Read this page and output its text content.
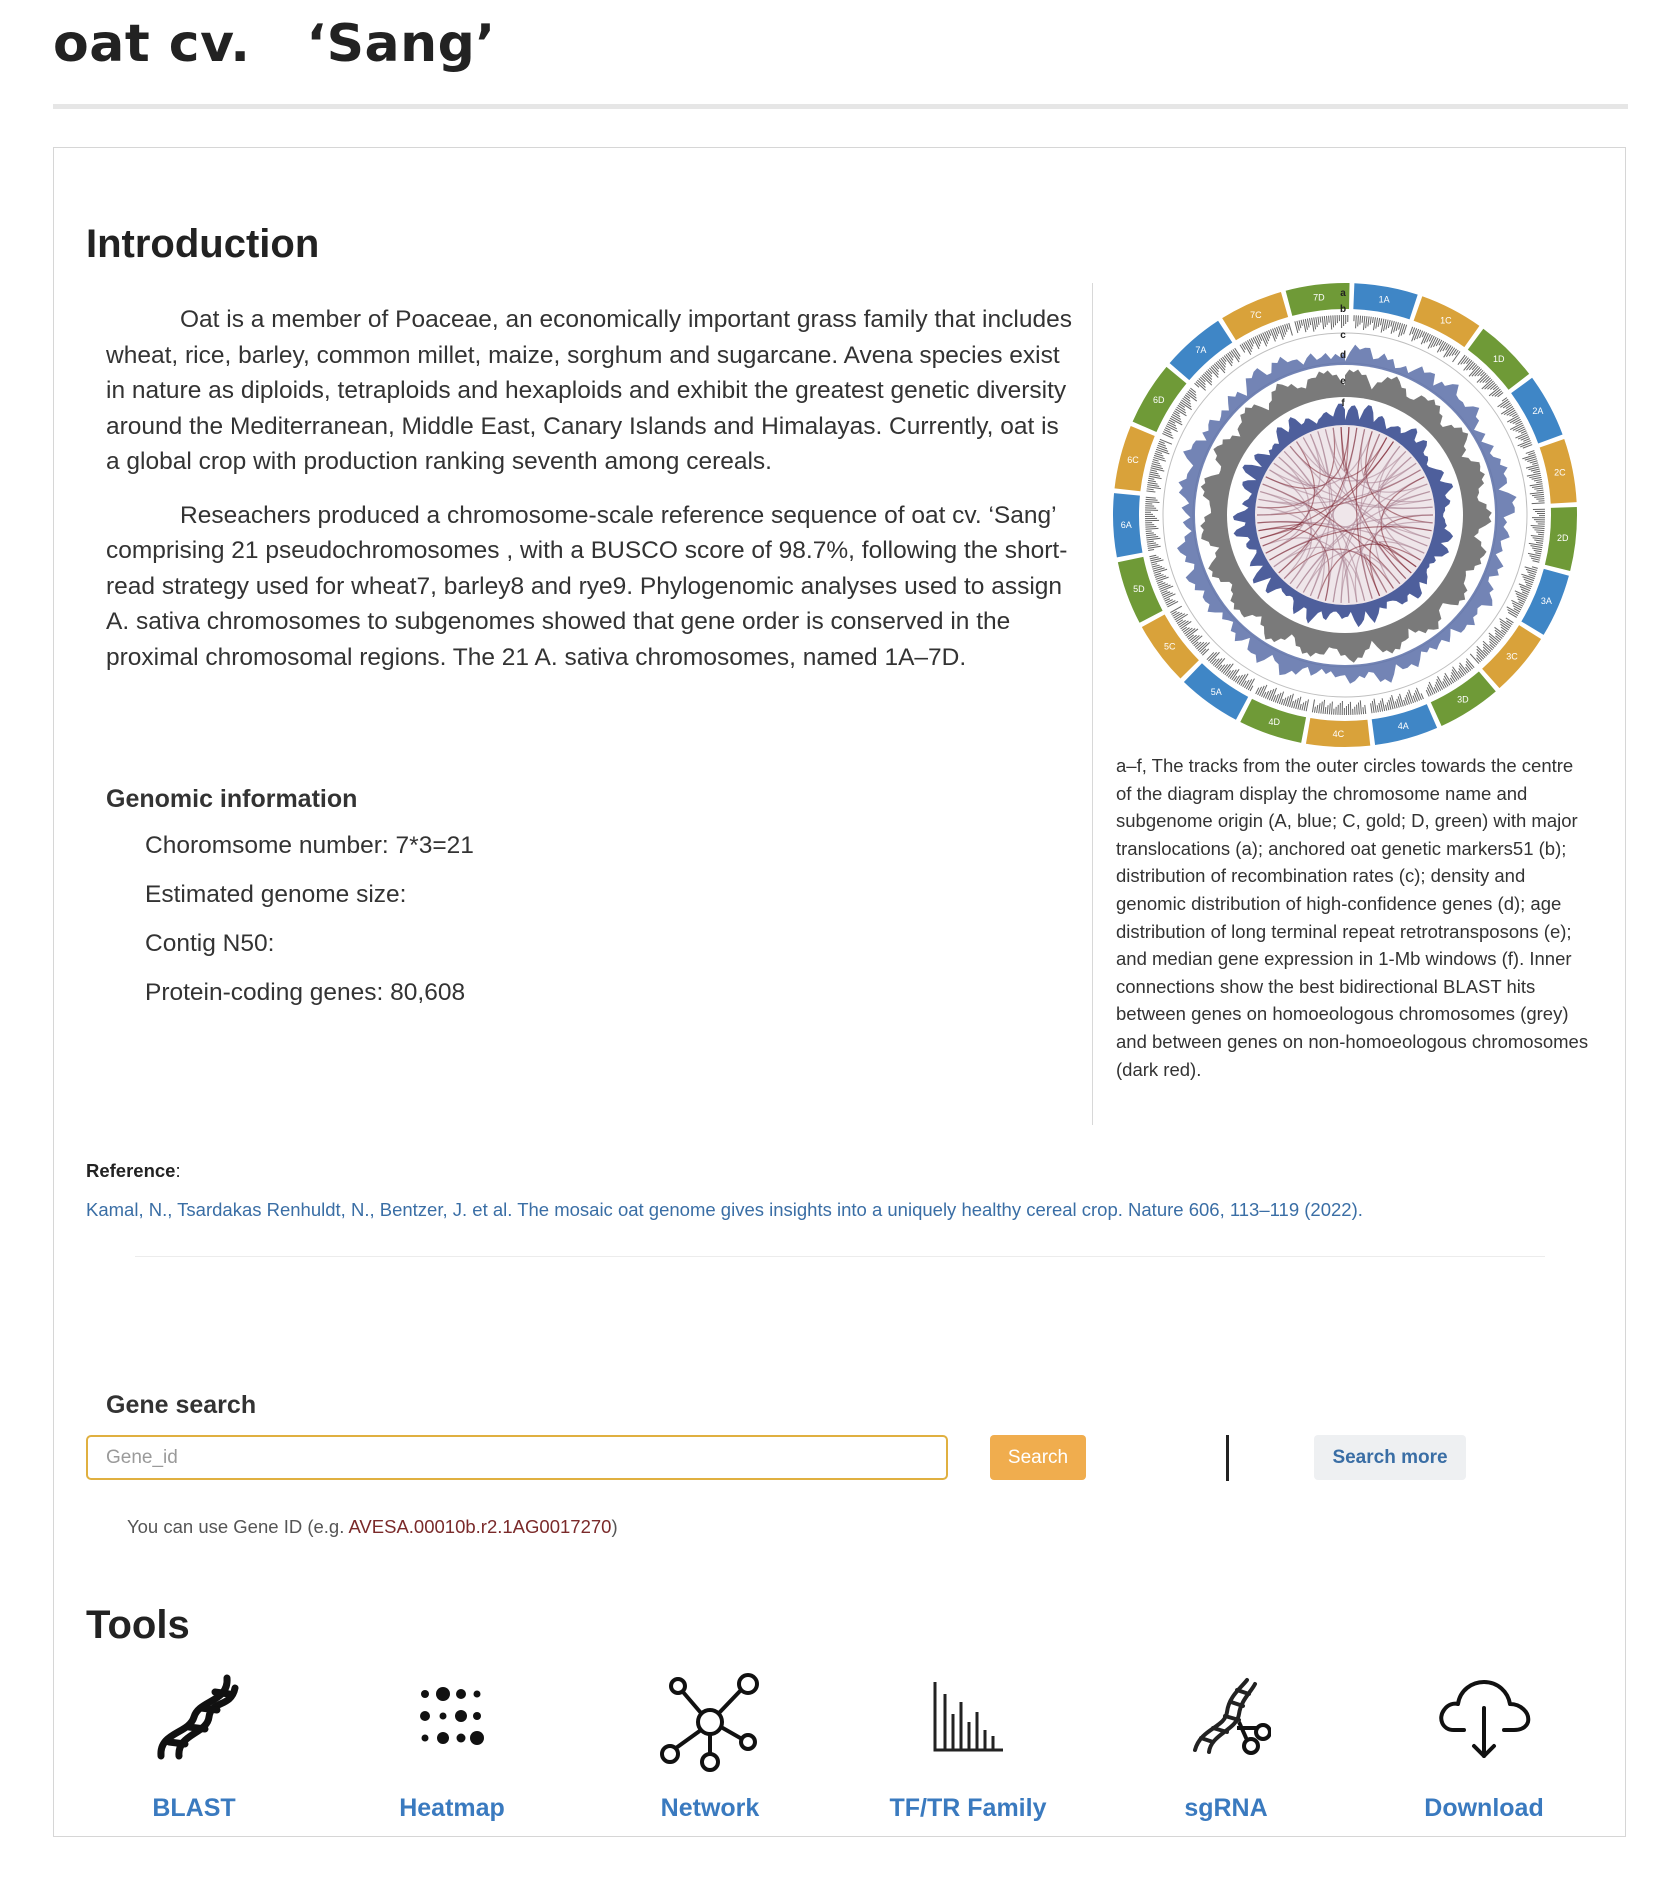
oat cv.   ‘Sang’
Introduction

Oat is a member of Poaceae, an economically important grass family that includes wheat, rice, barley, common millet, maize, sorghum and sugarcane. Avena species exist in nature as diploids, tetraploids and hexaploids and exhibit the greatest genetic diversity around the Mediterranean, Middle East, Canary Islands and Himalayas. Currently, oat is a global crop with production ranking seventh among cereals.

Reseachers produced a chromosome-scale reference sequence of oat cv. ‘Sang’ comprising 21 pseudochromosomes , with a BUSCO score of 98.7%, following the short-read strategy used for wheat7, barley8 and rye9. Phylogenomic analyses used to assign A. sativa chromosomes to subgenomes showed that gene order is conserved in the proximal chromosomal regions. The 21 A. sativa chromosomes, named 1A–7D.

1A
1C
1D
2A
2C
2D
3A
3C
3D
4A
4C
4D
5A
5C
5D
6A
6C
6D
7A
7C
7D a
b
c
d
e
f
a–f, The tracks from the outer circles towards the centre of the diagram display the chromosome name and subgenome origin (A, blue; C, gold; D, green) with major translocations (a); anchored oat genetic markers51 (b); distribution of recombination rates (c); density and genomic distribution of high-confidence genes (d); age distribution of long terminal repeat retrotransposons (e); and median gene expression in 1-Mb windows (f). Inner connections show the best bidirectional BLAST hits between genes on homoeologous chromosomes (grey) and between genes on non-homoeologous chromosomes (dark red).
Genomic information
Choromsome number: 7*3=21
Estimated genome size:
Contig N50:
Protein-coding genes: 80,608
Reference:
Kamal, N., Tsardakas Renhuldt, N., Bentzer, J. et al. The mosaic oat genome gives insights into a uniquely healthy cereal crop. Nature 606, 113–119 (2022).
Gene search
Gene_id
Search	Search more
You can use Gene ID (e.g. AVESA.00010b.r2.1AG0017270)
Tools
BLAST	Heatmap	Network	TF/TR Family	sgRNA	Download
